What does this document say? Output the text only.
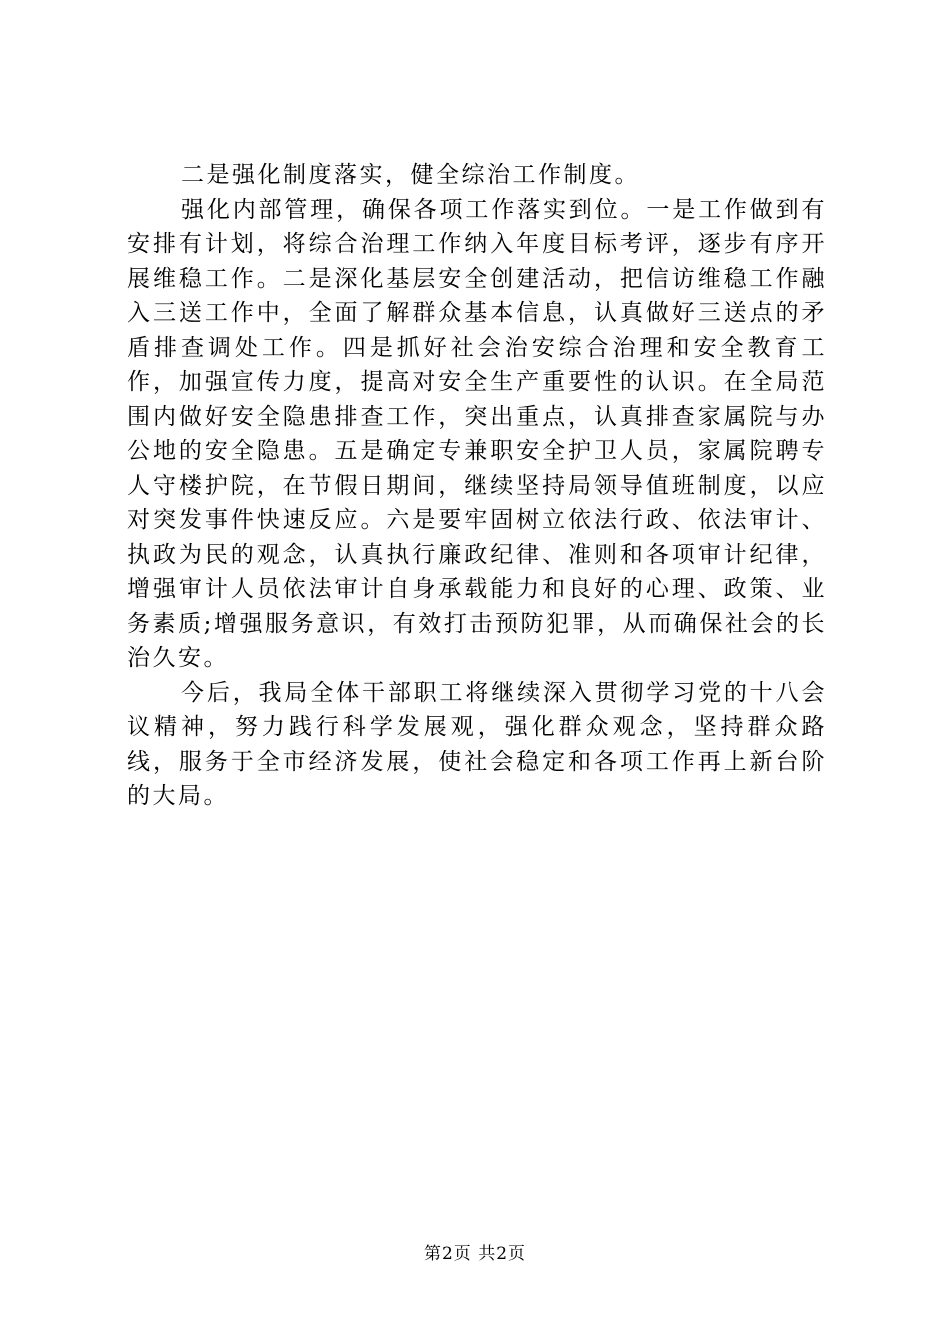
二是强化制度落实，健全综治工作制度。

强化内部管理，确保各项工作落实到位。一是工作做到有安排有计划，将综合治理工作纳入年度目标考评，逐步有序开展维稳工作。二是深化基层安全创建活动，把信访维稳工作融入三送工作中，全面了解群众基本信息，认真做好三送点的矛盾排查调处工作。四是抓好社会治安综合治理和安全教育工作，加强宣传力度，提高对安全生产重要性的认识。在全局范围内做好安全隐患排查工作，突出重点，认真排查家属院与办公地的安全隐患。五是确定专兼职安全护卫人员，家属院聘专人守楼护院，在节假日期间，继续坚持局领导值班制度，以应对突发事件快速反应。六是要牢固树立依法行政、依法审计、执政为民的观念，认真执行廉政纪律、准则和各项审计纪律，增强审计人员依法审计自身承载能力和良好的心理、政策、业务素质;增强服务意识，有效打击预防犯罪，从而确保社会的长治久安。

今后，我局全体干部职工将继续深入贯彻学习党的十八会议精神，努力践行科学发展观，强化群众观念，坚持群众路线，服务于全市经济发展，使社会稳定和各项工作再上新台阶的大局。

第2页 共2页
